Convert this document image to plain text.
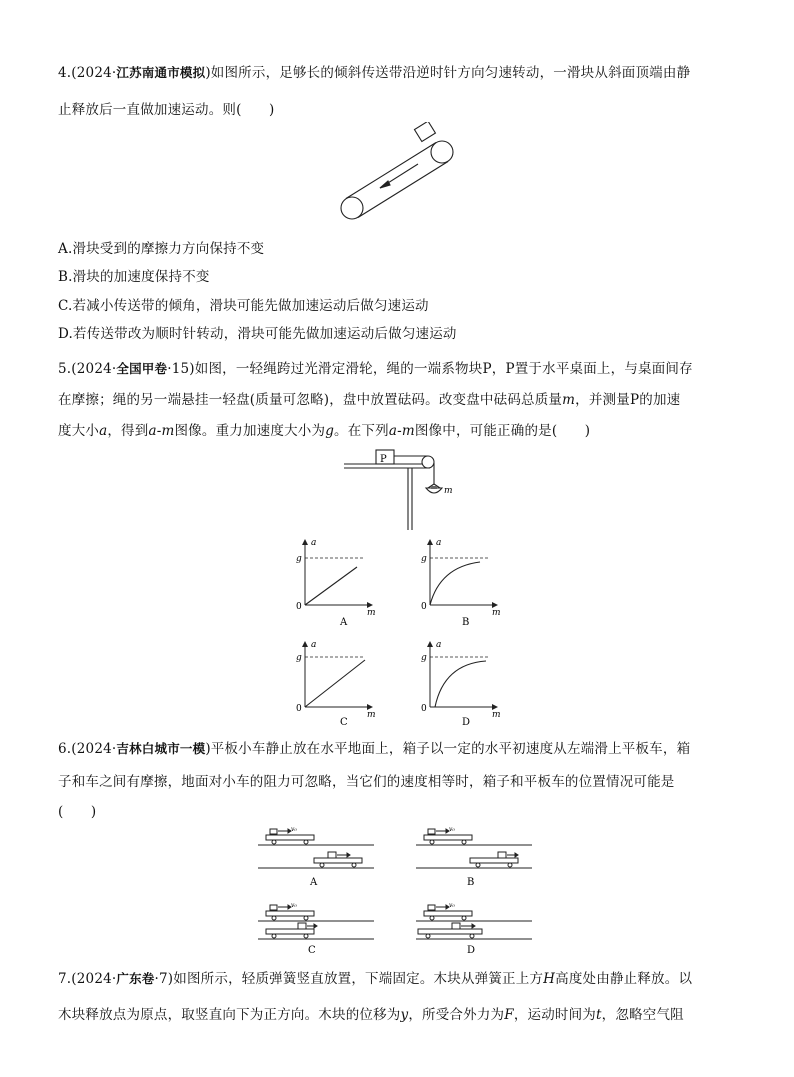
4.(2024·江苏南通市模拟)如图所示，足够长的倾斜传送带沿逆时针方向匀速转动，一滑块从斜面顶端由静
止释放后一直做加速运动。则(　　)
A.滑块受到的摩擦力方向保持不变
B.滑块的加速度保持不变
C.若减小传送带的倾角，滑块可能先做加速运动后做匀速运动
D.若传送带改为顺时针转动，滑块可能先做加速运动后做匀速运动
5.(2024·全国甲卷·15)如图，一轻绳跨过光滑定滑轮，绳的一端系物块P，P置于水平桌面上，与桌面间存
在摩擦；绳的另一端悬挂一轻盘(质量可忽略)，盘中放置砝码。改变盘中砝码总质量m，并测量P的加速
度大小a，得到a-m图像。重力加速度大小为g。在下列a-m图像中，可能正确的是(　　)
P
m
a
m
g
0
A
a
m
g
0
B
a
m
g
0
C
a
m
g
0
D
6.(2024·吉林白城市一模)平板小车静止放在水平地面上，箱子以一定的水平初速度从左端滑上平板车，箱
子和车之间有摩擦，地面对小车的阻力可忽略，当它们的速度相等时，箱子和平板车的位置情况可能是
(　　)
v₀	v₀
v₀	v₀
A	B
C	D
7.(2024·广东卷·7)如图所示，轻质弹簧竖直放置，下端固定。木块从弹簧正上方H高度处由静止释放。以
木块释放点为原点，取竖直向下为正方向。木块的位移为y，所受合外力为F，运动时间为t，忽略空气阻
